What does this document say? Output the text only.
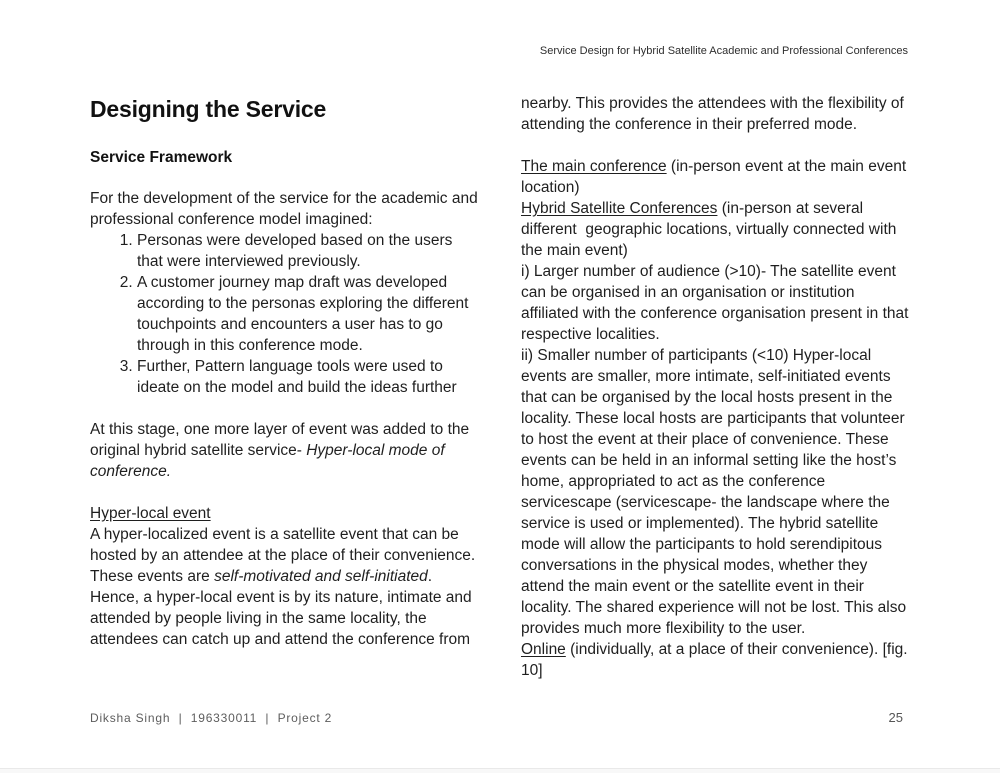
Service Design for Hybrid Satellite Academic and Professional Conferences
Designing the Service
Service Framework

For the development of the service for the academic and professional conference model imagined:

1. Personas were developed based on the users that were interviewed previously.
2. A customer journey map draft was developed according to the personas exploring the different touchpoints and encounters a user has to go through in this conference mode.
3. Further, Pattern language tools were used to ideate on the model and build the ideas further

At this stage, one more layer of event was added to the original hybrid satellite service- Hyper-local mode of conference.

Hyper-local event
A hyper-localized event is a satellite event that can be hosted by an attendee at the place of their convenience. These events are self-motivated and self-initiated. Hence, a hyper-local event is by its nature, intimate and attended by people living in the same locality, the attendees can catch up and attend the conference from

nearby. This provides the attendees with the flexibility of attending the conference in their preferred mode.

The main conference (in-person event at the main event location)
Hybrid Satellite Conferences (in-person at several different  geographic locations, virtually connected with the main event)
i) Larger number of audience (>10)- The satellite event can be organised in an organisation or institution affiliated with the conference organisation present in that respective localities.
ii) Smaller number of participants (<10) Hyper-local events are smaller, more intimate, self-initiated events that can be organised by the local hosts present in the locality. These local hosts are participants that volunteer to host the event at their place of convenience. These events can be held in an informal setting like the host’s home, appropriated to act as the conference servicescape (servicescape- the landscape where the service is used or implemented). The hybrid satellite mode will allow the participants to hold serendipitous conversations in the physical modes, whether they attend the main event or the satellite event in their locality. The shared experience will not be lost. This also provides much more flexibility to the user.
Online (individually, at a place of their convenience). [fig. 10]

Diksha Singh  |  196330011  |  Project 2	25
